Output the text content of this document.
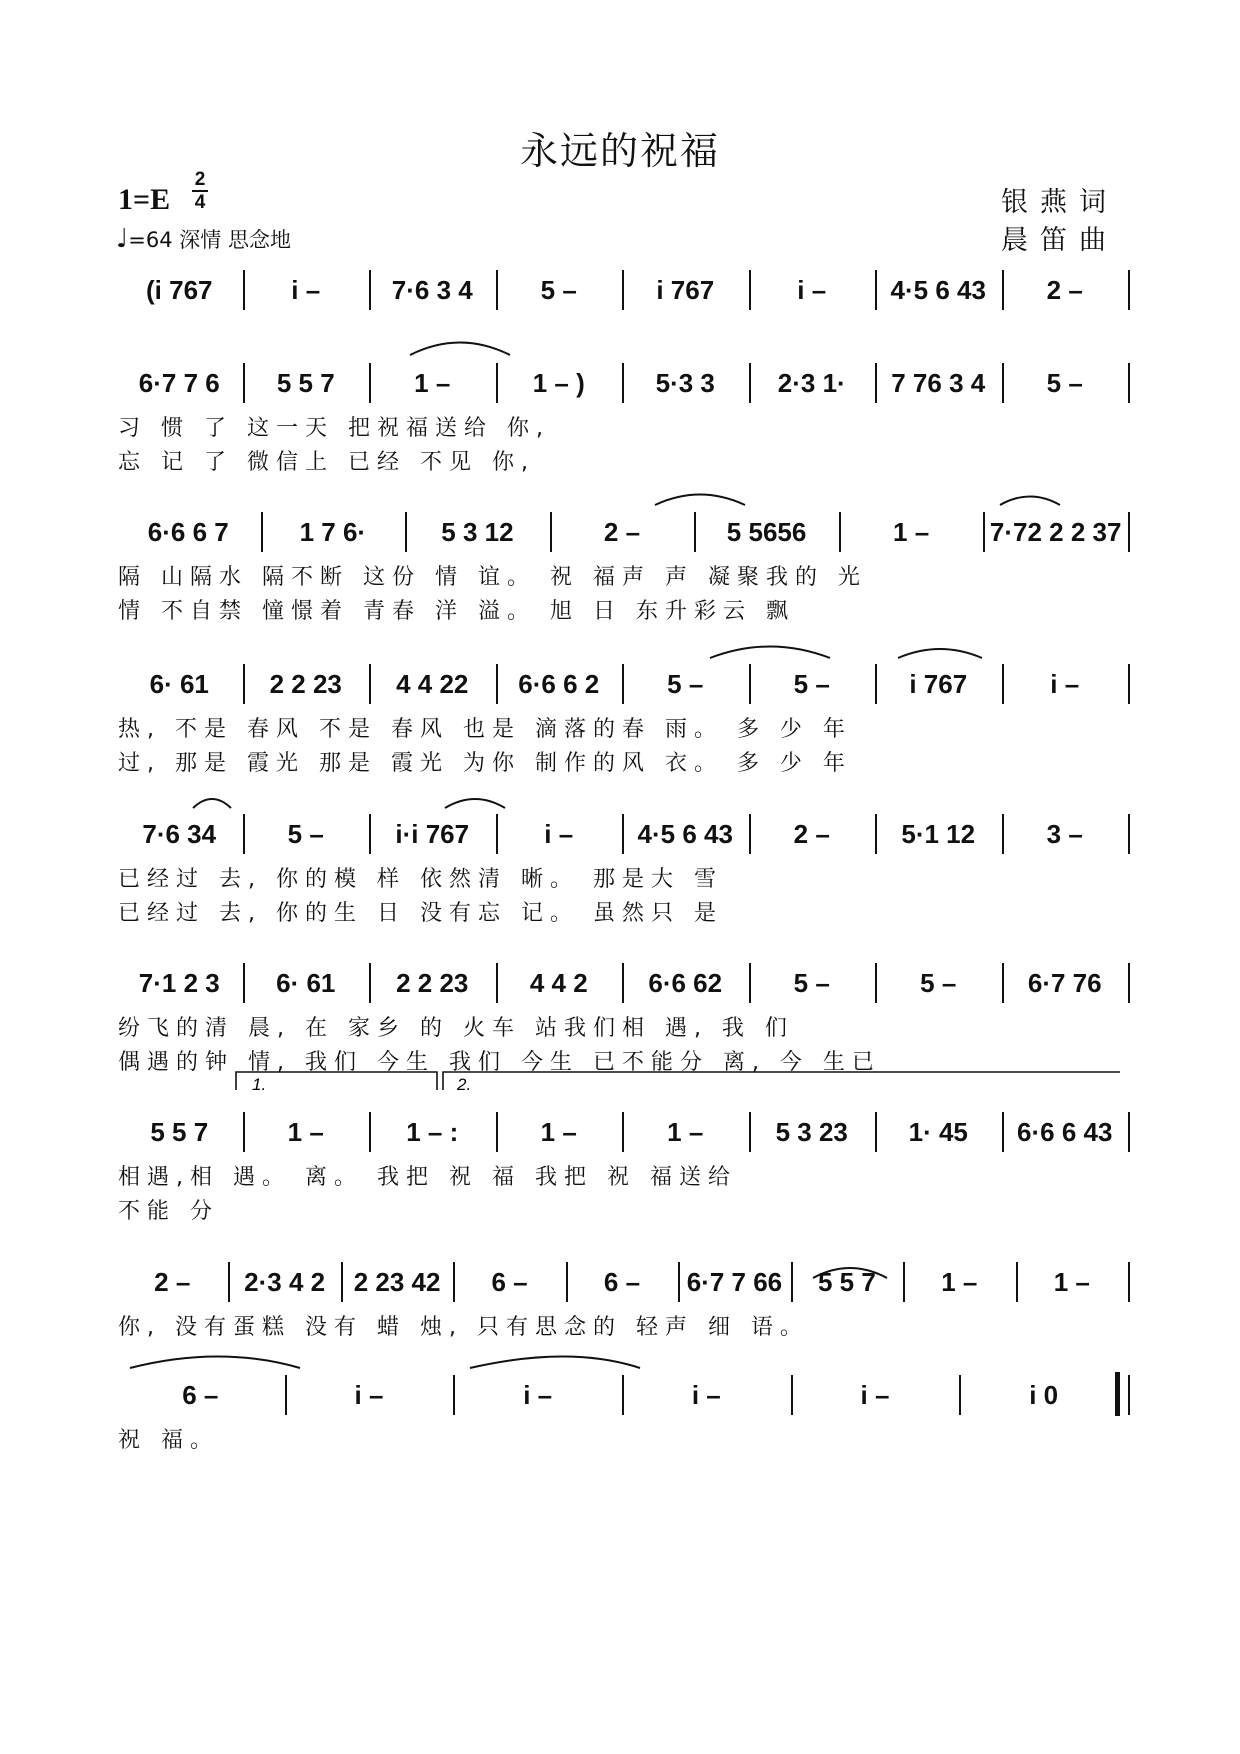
永远的祝福
1=E
2
4
♩=64 深情 思念地
银燕词
晨笛曲
(i 767	i –	7·6 3 4	5 –	i 767	i –	4·5 6 43	2 –
6·7 7 6	5 5 7	1 –	1 – )	5·3 3	2·3 1·	7 76 3 4	5 –
习 惯 了 这一天 把祝福送给 你,
忘 记 了 微信上 已经 不见 你,
6·6 6 7	1 7 6·	5 3 12	2 –	5 5656	1 –	7·72 2 2 37
隔 山隔水 隔不断 这份 情 谊。 祝 福声 声 凝聚我的 光
情 不自禁 憧憬着 青春 洋 溢。 旭 日 东升彩云 飘
6· 61	2 2 23	4 4 22	6·6 6 2	5 –	5 –	i 767	i –
热, 不是 春风 不是 春风 也是 滴落的春 雨。 多 少 年
过, 那是 霞光 那是 霞光 为你 制作的风 衣。 多 少 年
7·6 34	5 –	i·i 767	i –	4·5 6 43	2 –	5·1 12	3 –
已经过 去, 你的模 样 依然清 晰。 那是大 雪
已经过 去, 你的生 日 没有忘 记。 虽然只 是
7·1 2 3	6· 61	2 2 23	4 4 2	6·6 62	5 –	5 –	6·7 76
纷飞的清 晨, 在 家乡 的 火车 站我们相 遇, 我 们
偶遇的钟 情, 我们 今生 我们 今生 已不能分 离, 今 生已
5 5 7	1 –	1 – :	1 –	1 –	5 3 23	1· 45	6·6 6 43
相遇,相 遇。 离。 我把 祝 福 我把 祝 福送给
不能 分
2 –	2·3 4 2	2 23 42	6 –	6 –	6·7 7 66	5 5 7	1 –	1 –
你, 没有蛋糕 没有 蜡 烛, 只有思念的 轻声 细 语。
6 –	i –	i –	i –	i –	i 0
祝 福。
1.	2.
